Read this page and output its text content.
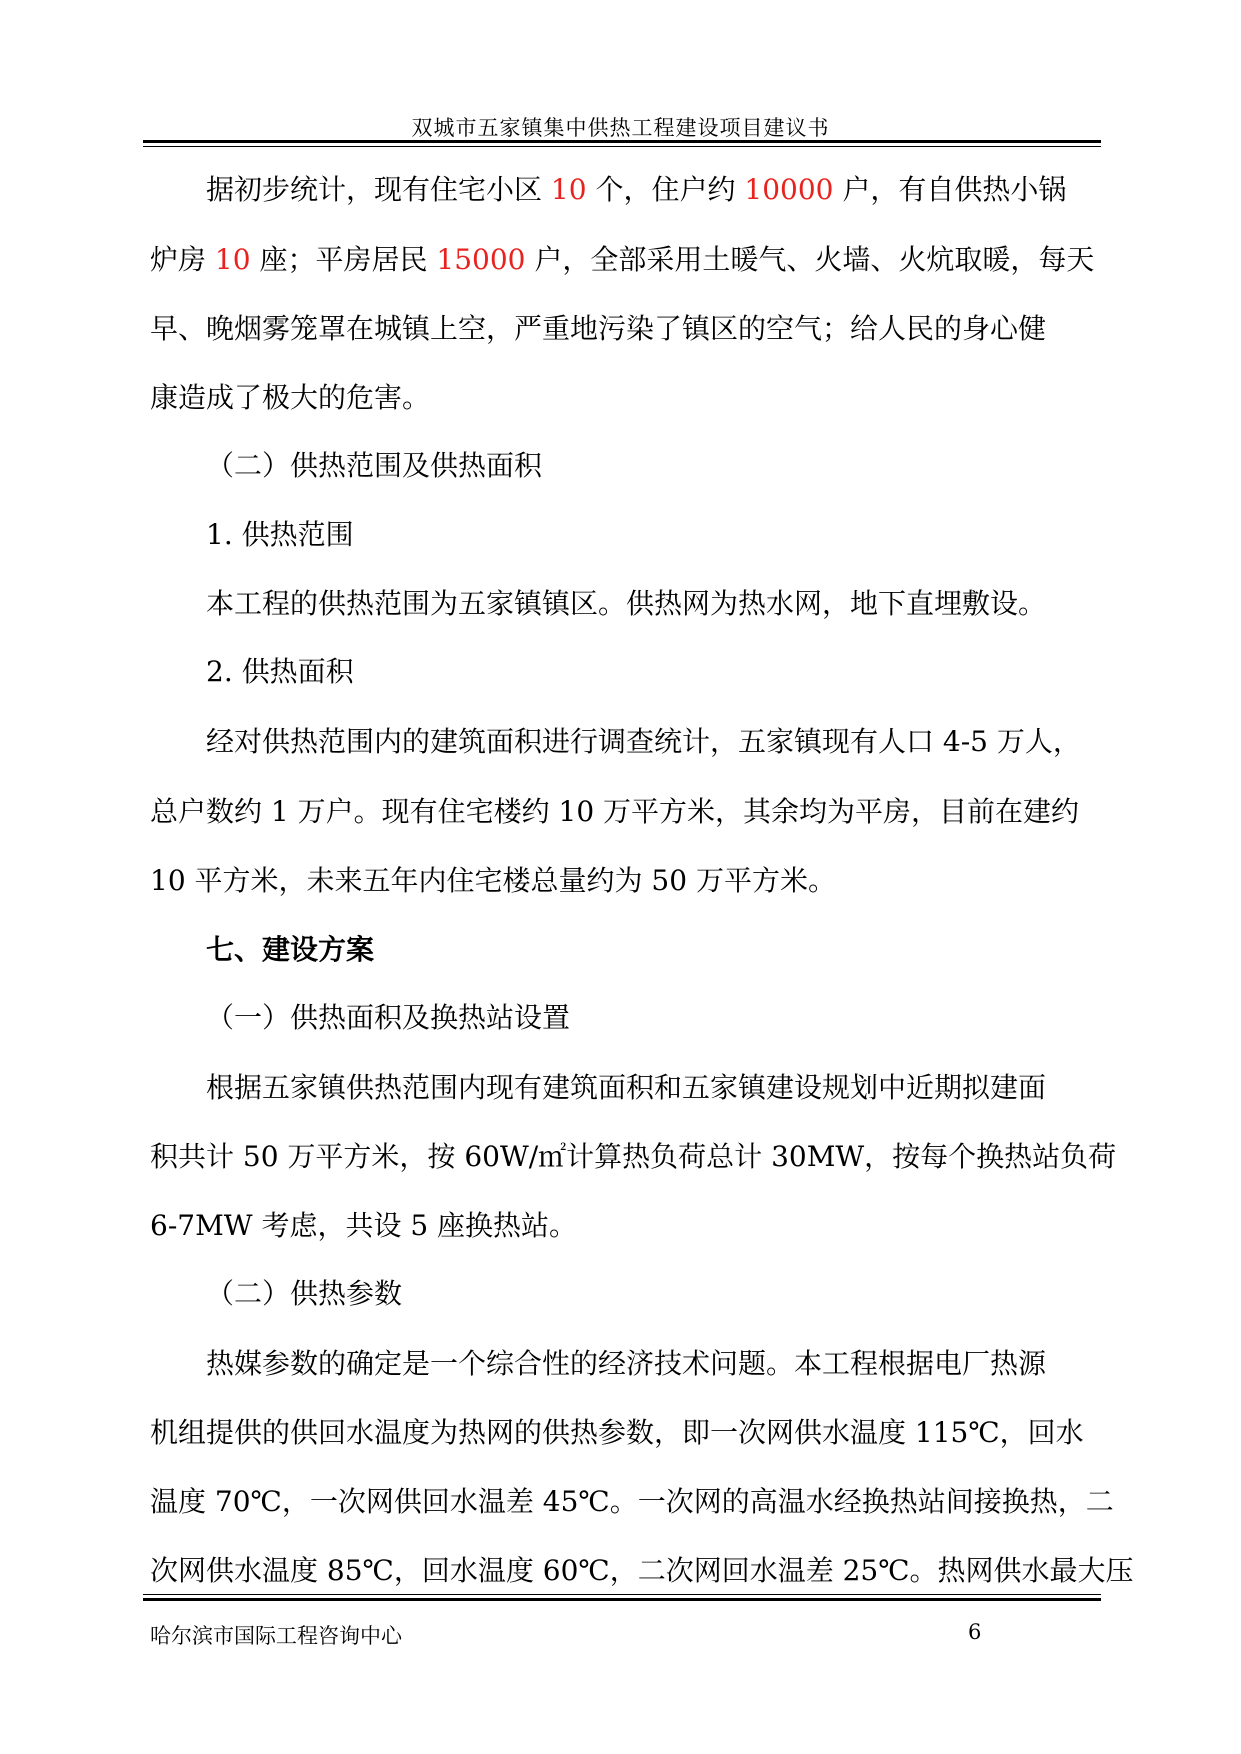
双城市五家镇集中供热工程建设项目建议书
据初步统计，现有住宅小区 10 个，住户约 10000 户，有自供热小锅
炉房 10 座；平房居民 15000 户，全部采用土暖气、火墙、火炕取暖，每天
早、晚烟雾笼罩在城镇上空，严重地污染了镇区的空气；给人民的身心健
康造成了极大的危害。
（二）供热范围及供热面积
1. 供热范围
本工程的供热范围为五家镇镇区。供热网为热水网，地下直埋敷设。
2. 供热面积
经对供热范围内的建筑面积进行调查统计，五家镇现有人口 4-5 万人，
总户数约 1 万户。现有住宅楼约 10 万平方米，其余均为平房，目前在建约
10 平方米，未来五年内住宅楼总量约为 50 万平方米。
七、建设方案
（一）供热面积及换热站设置
根据五家镇供热范围内现有建筑面积和五家镇建设规划中近期拟建面
积共计 50 万平方米，按 60W/㎡计算热负荷总计 30MW，按每个换热站负荷
6-7MW 考虑，共设 5 座换热站。
（二）供热参数
热媒参数的确定是一个综合性的经济技术问题。本工程根据电厂热源
机组提供的供回水温度为热网的供热参数，即一次网供水温度 115℃，回水
温度 70℃，一次网供回水温差 45℃。一次网的高温水经换热站间接换热，二
次网供水温度 85℃，回水温度 60℃，二次网回水温差 25℃。热网供水最大压
哈尔滨市国际工程咨询中心	6
